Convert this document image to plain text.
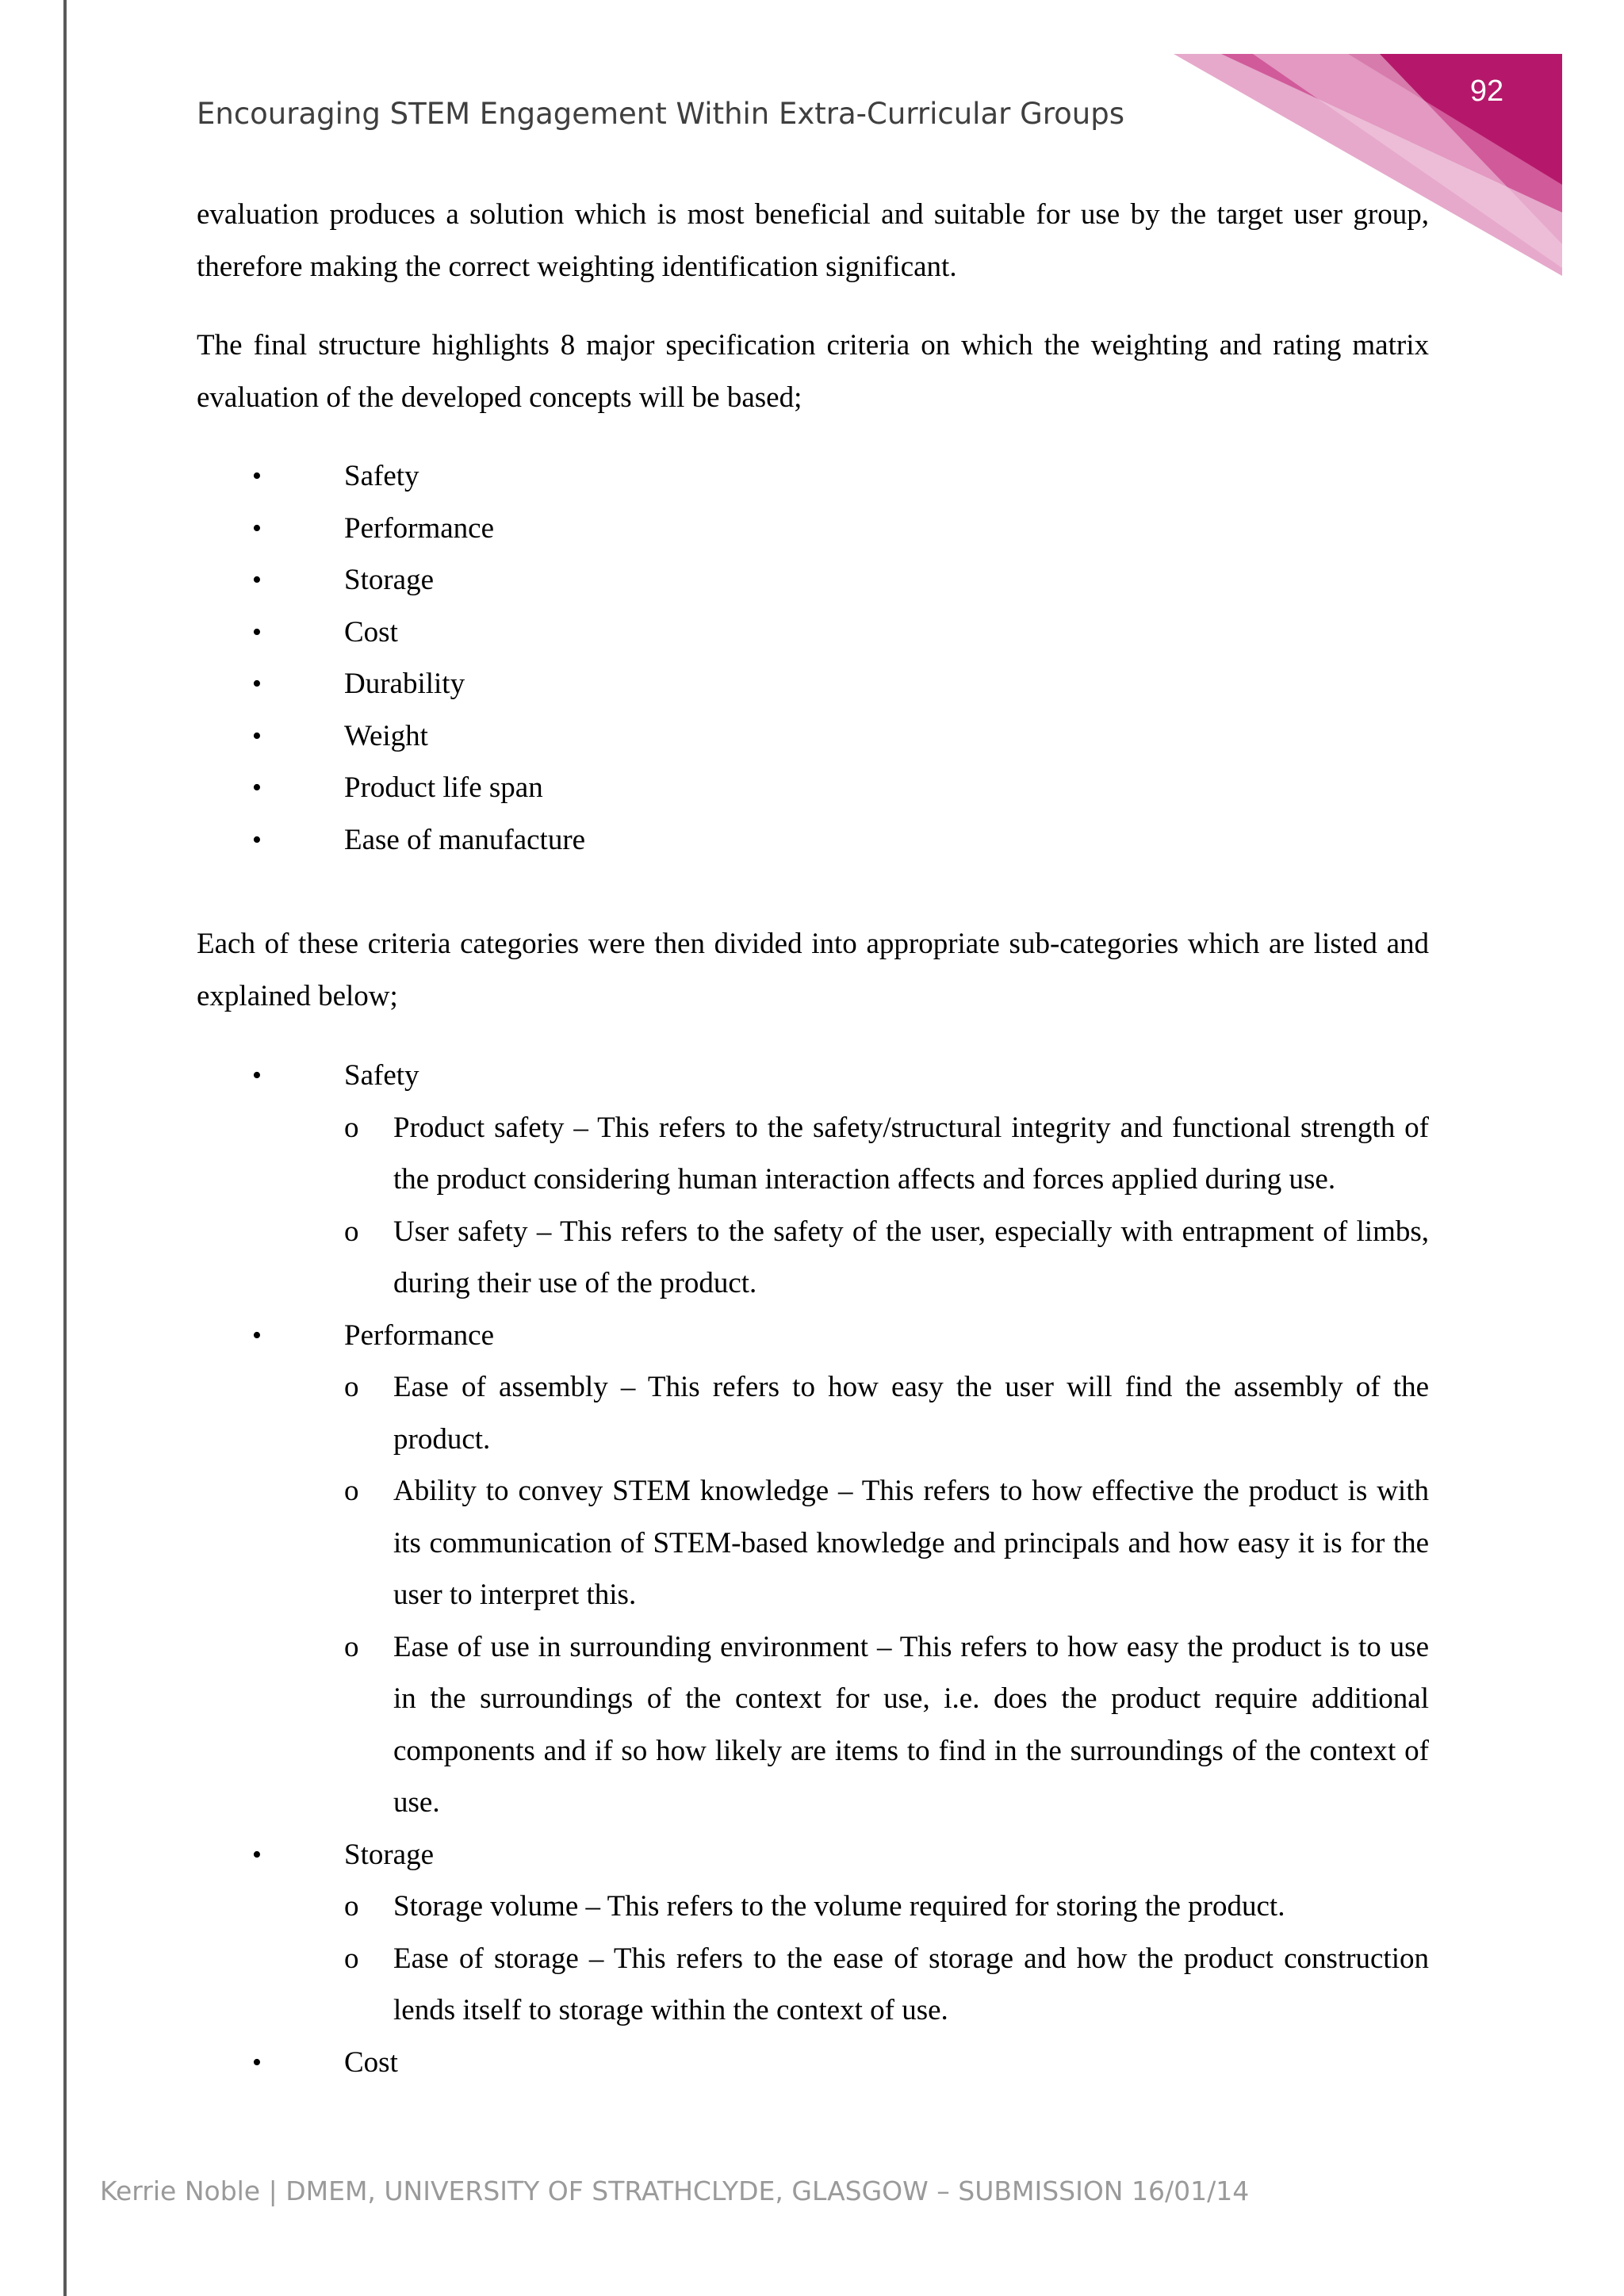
92
Encouraging STEM Engagement Within Extra-Curricular Groups

evaluation produces a solution which is most beneficial and suitable for use by the target user group, therefore making the correct weighting identification significant.

The final structure highlights 8 major specification criteria on which the weighting and rating matrix evaluation of the developed concepts will be based;

•	Safety
•	Performance
•	Storage
•	Cost
•	Durability
•	Weight
•	Product life span
•	Ease of manufacture

Each of these criteria categories were then divided into appropriate sub-categories which are listed and explained below;

•	Safety
o Product safety – This refers to the safety/structural integrity and functional strength of the product considering human interaction affects and forces applied during use.
o User safety – This refers to the safety of the user, especially with entrapment of limbs, during their use of the product.
•	Performance
o Ease of assembly – This refers to how easy the user will find the assembly of the product.
o Ability to convey STEM knowledge – This refers to how effective the product is with its communication of STEM-based knowledge and principals and how easy it is for the user to interpret this.
o Ease of use in surrounding environment – This refers to how easy the product is to use in the surroundings of the context for use, i.e. does the product require additional components and if so how likely are items to find in the surroundings of the context of use.
•	Storage
o Storage volume – This refers to the volume required for storing the product.
o Ease of storage – This refers to the ease of storage and how the product construction lends itself to storage within the context of use.
•	Cost
Kerrie Noble | DMEM, UNIVERSITY OF STRATHCLYDE, GLASGOW – SUBMISSION 16/01/14
